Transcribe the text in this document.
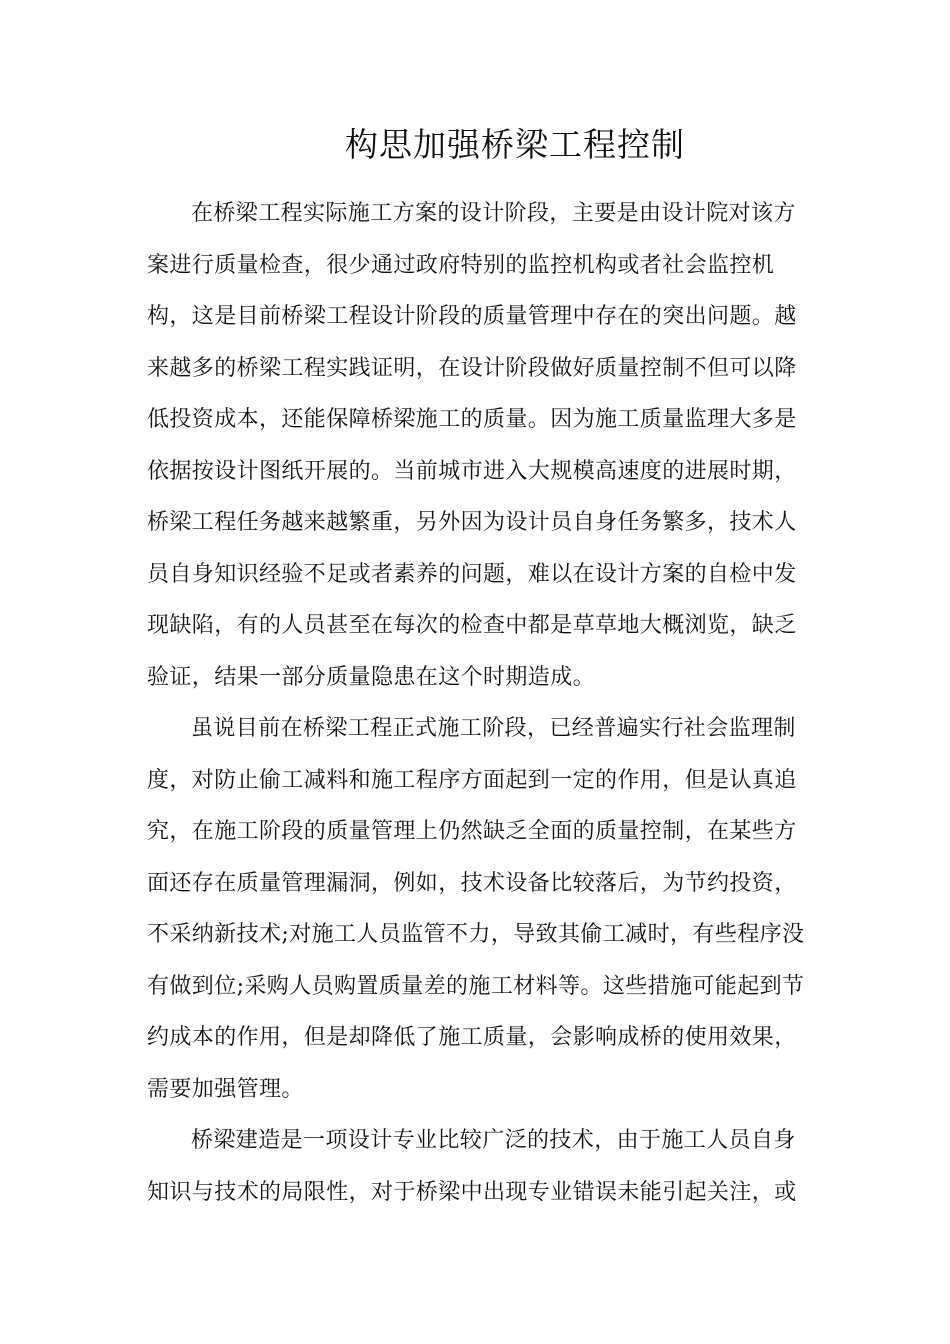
构思加强桥梁工程控制

在桥梁工程实际施工方案的设计阶段，主要是由设计院对该方

案进行质量检查，很少通过政府特别的监控机构或者社会监控机

构，这是目前桥梁工程设计阶段的质量管理中存在的突出问题。越

来越多的桥梁工程实践证明，在设计阶段做好质量控制不但可以降

低投资成本，还能保障桥梁施工的质量。因为施工质量监理大多是

依据按设计图纸开展的。当前城市进入大规模高速度的进展时期，

桥梁工程任务越来越繁重，另外因为设计员自身任务繁多，技术人

员自身知识经验不足或者素养的问题，难以在设计方案的自检中发

现缺陷，有的人员甚至在每次的检查中都是草草地大概浏览，缺乏

验证，结果一部分质量隐患在这个时期造成。

虽说目前在桥梁工程正式施工阶段，已经普遍实行社会监理制

度，对防止偷工减料和施工程序方面起到一定的作用，但是认真追

究，在施工阶段的质量管理上仍然缺乏全面的质量控制，在某些方

面还存在质量管理漏洞，例如，技术设备比较落后，为节约投资，

不采纳新技术;对施工人员监管不力，导致其偷工减时，有些程序没

有做到位;采购人员购置质量差的施工材料等。这些措施可能起到节

约成本的作用，但是却降低了施工质量，会影响成桥的使用效果，

需要加强管理。

桥梁建造是一项设计专业比较广泛的技术，由于施工人员自身

知识与技术的局限性，对于桥梁中出现专业错误未能引起关注，或
